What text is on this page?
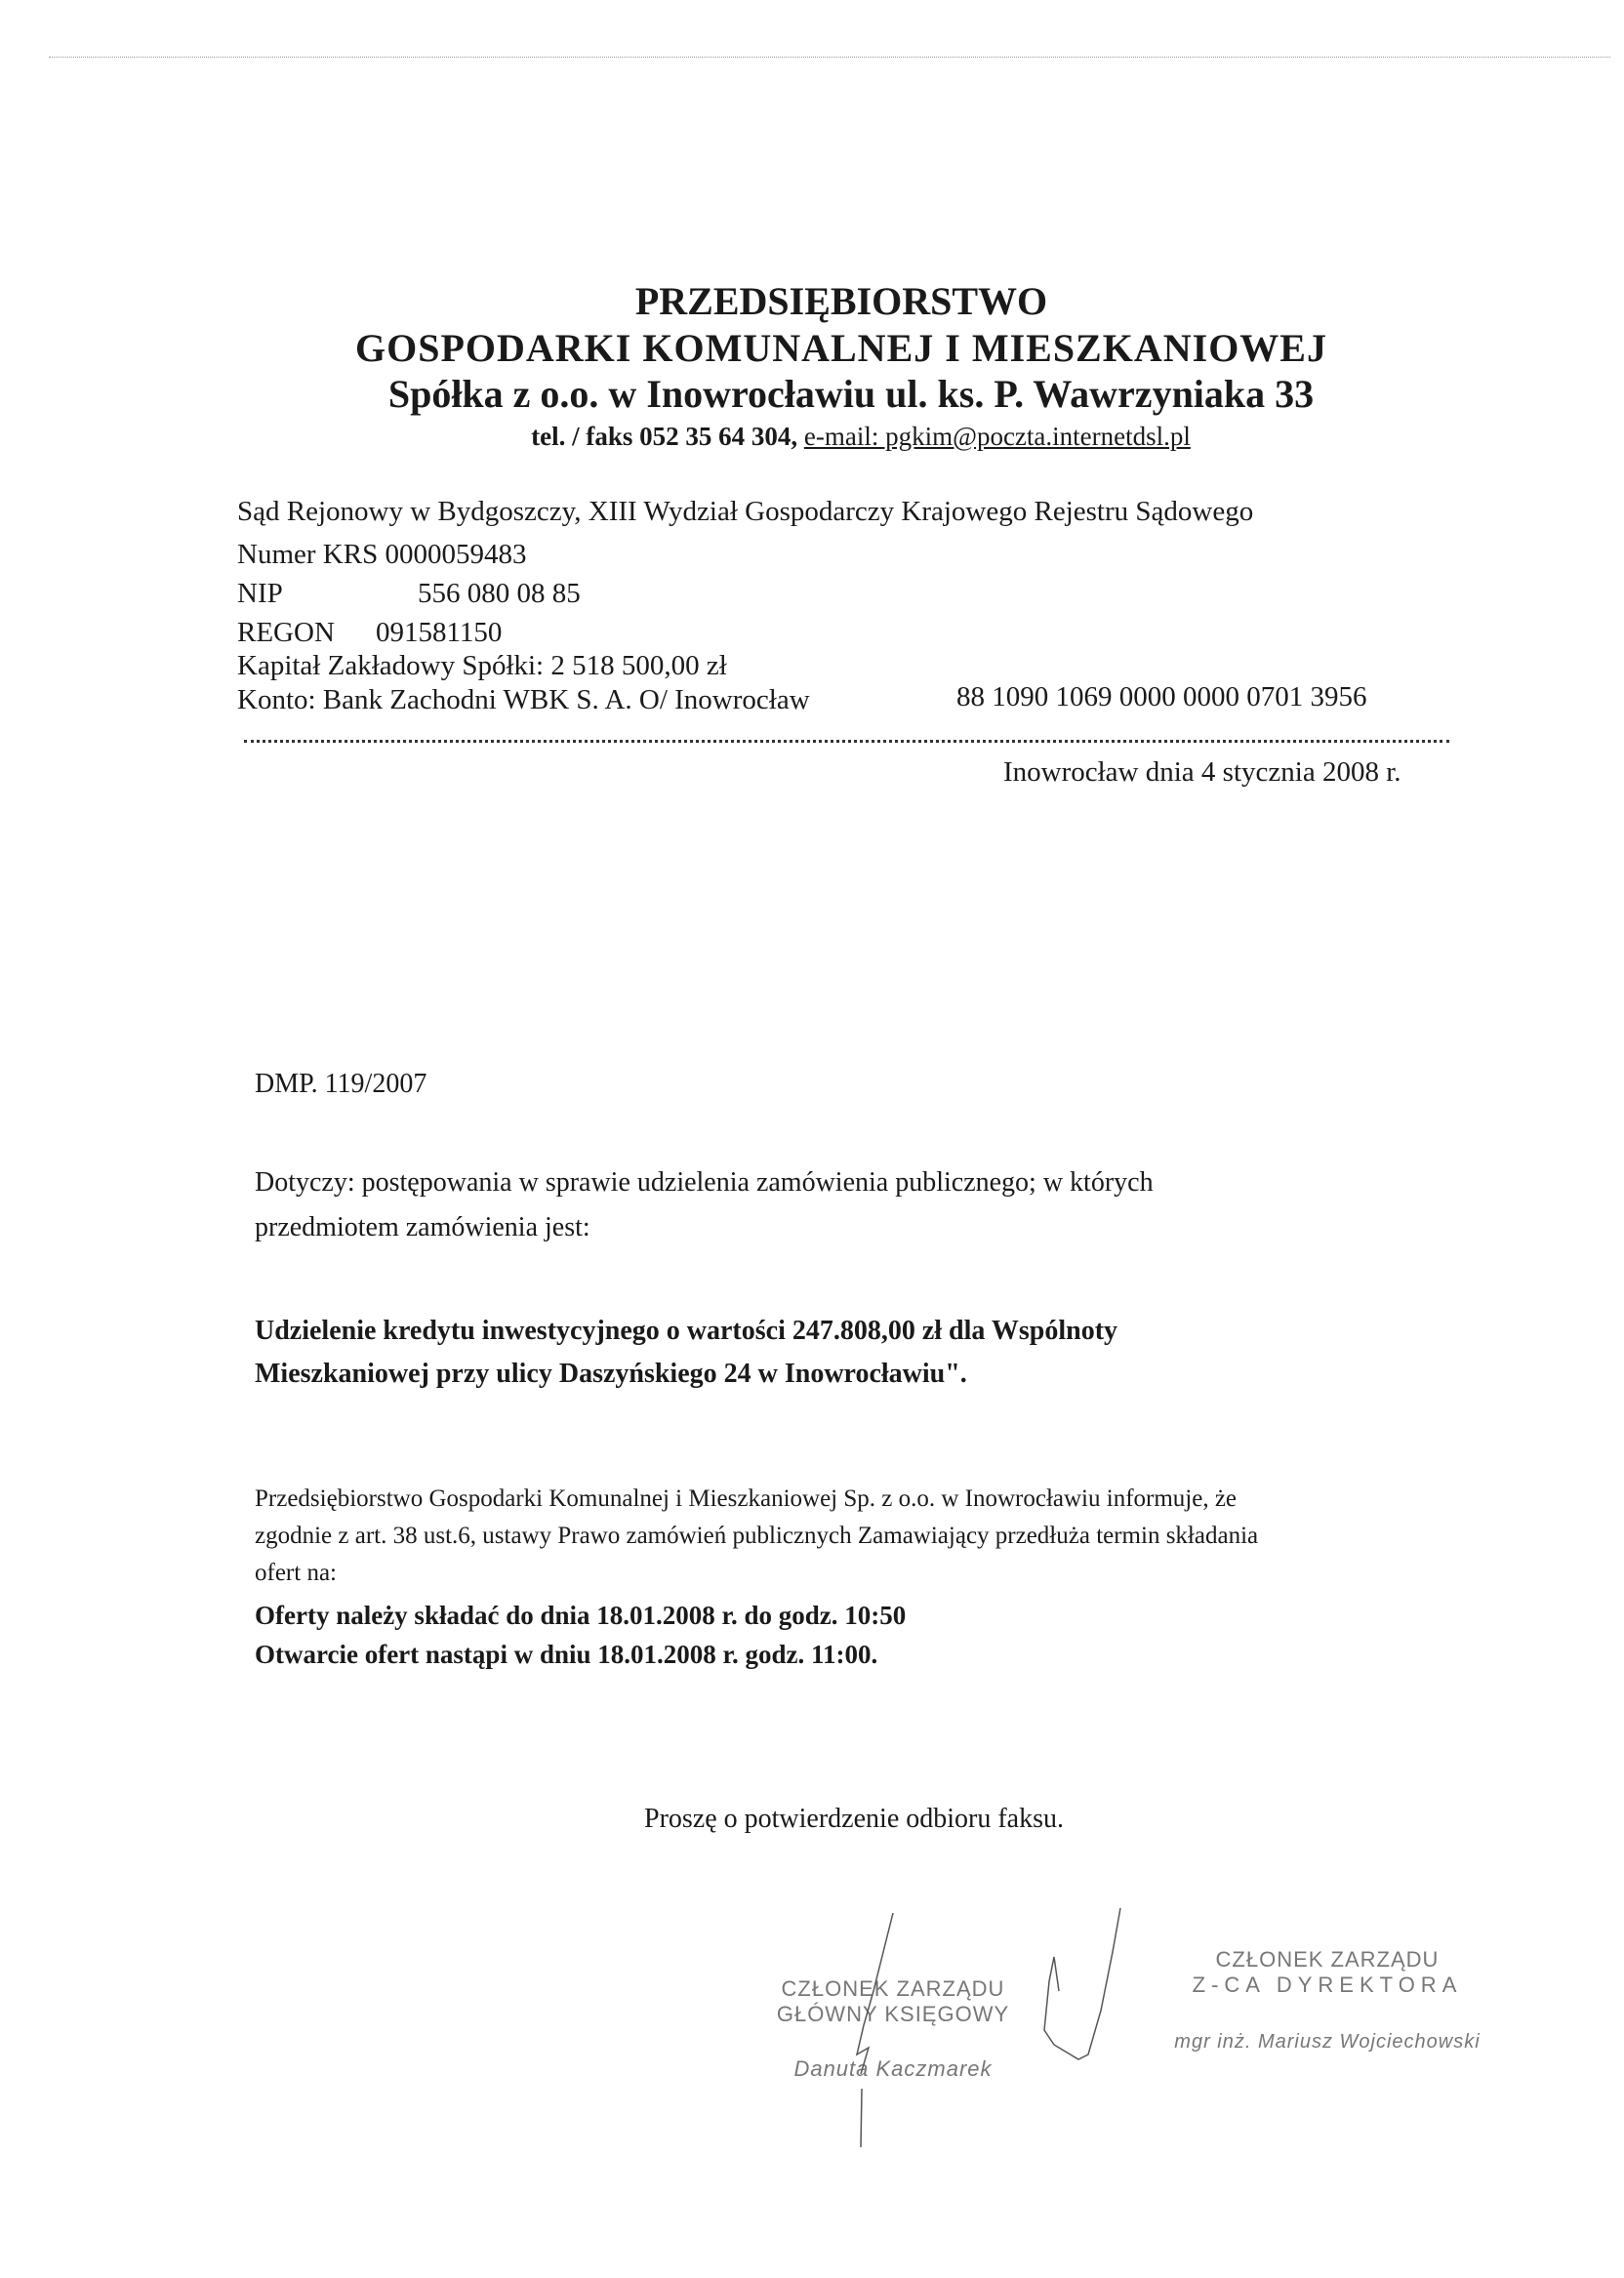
PRZEDSIĘBIORSTWO
GOSPODARKI KOMUNALNEJ I MIESZKANIOWEJ
Spółka z o.o. w Inowrocławiu ul. ks. P. Wawrzyniaka 33
tel. / faks 052 35 64 304, e-mail: pgkim@poczta.internetdsl.pl
Sąd Rejonowy w Bydgoszczy, XIII Wydział Gospodarczy Krajowego Rejestru Sądowego
Numer KRS 0000059483
NIP	556 080 08 85
REGON 091581150
Kapitał Zakładowy Spółki: 2 518 500,00 zł
Konto: Bank Zachodni WBK S. A. O/ Inowrocław	88 1090 1069 0000 0000 0701 3956
Inowrocław dnia 4 stycznia 2008 r.
DMP. 119/2007
Dotyczy: postępowania w sprawie udzielenia zamówienia publicznego; w których
przedmiotem zamówienia jest:
Udzielenie kredytu inwestycyjnego o wartości 247.808,00 zł dla Wspólnoty
Mieszkaniowej przy ulicy Daszyńskiego 24 w Inowrocławiu".
Przedsiębiorstwo Gospodarki Komunalnej i Mieszkaniowej Sp. z o.o. w Inowrocławiu informuje, że
zgodnie z art. 38 ust.6, ustawy Prawo zamówień publicznych Zamawiający przedłuża termin składania
ofert na:
Oferty należy składać do dnia 18.01.2008 r. do godz. 10:50
Otwarcie ofert nastąpi w dniu 18.01.2008 r. godz. 11:00.
Proszę o potwierdzenie odbioru faksu.
CZŁONEK ZARZĄDU
GŁÓWNY KSIĘGOWY
Danuta Kaczmarek
CZŁONEK ZARZĄDU
Z-CA DYREKTORA
mgr inż. Mariusz Wojciechowski
